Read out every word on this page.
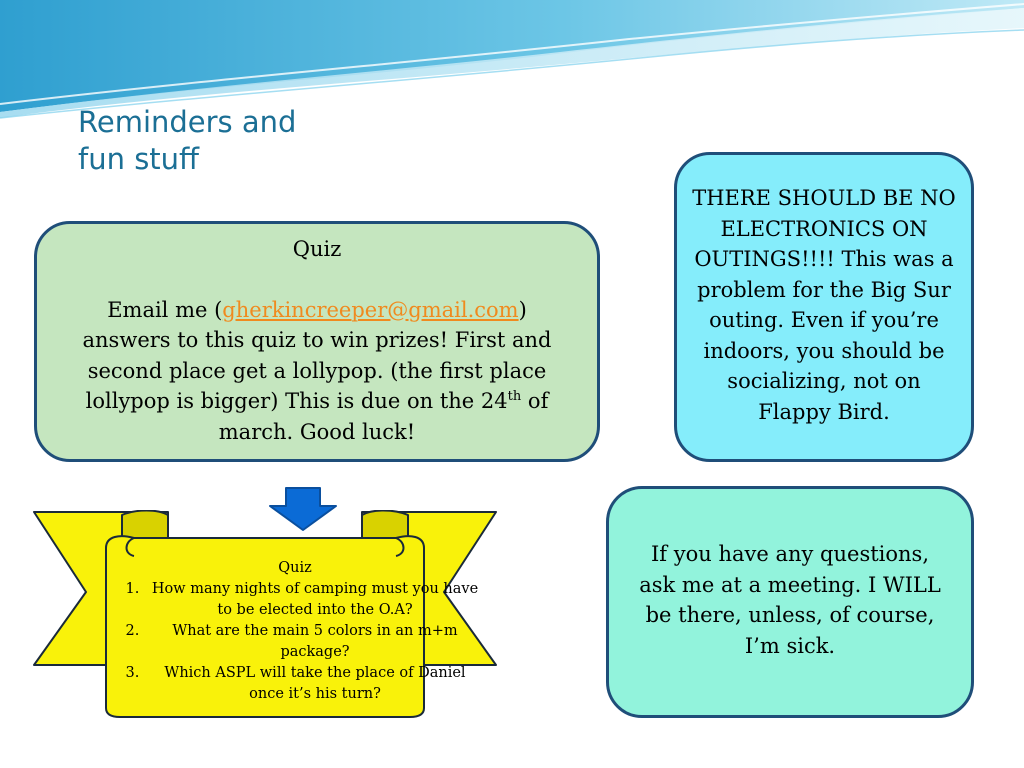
Reminders and
fun stuff
Quiz
Email me (gherkincreeper@gmail.com) answers to this quiz to win prizes! First and second place get a lollypop. (the first place lollypop is bigger) This is due on the 24th of march. Good luck!
THERE SHOULD BE NO ELECTRONICS ON OUTINGS!!!! This was a problem for the Big Sur outing. Even if you’re indoors, you should be socializing, not on Flappy Bird.
If you have any questions, ask me at a meeting. I WILL be there, unless, of course, I’m sick.
Quiz
1. How many nights of camping must you have to be elected into the O.A?
2. What are the main 5 colors in an m+m package?
3. Which ASPL will take the place of Daniel once it’s his turn?
